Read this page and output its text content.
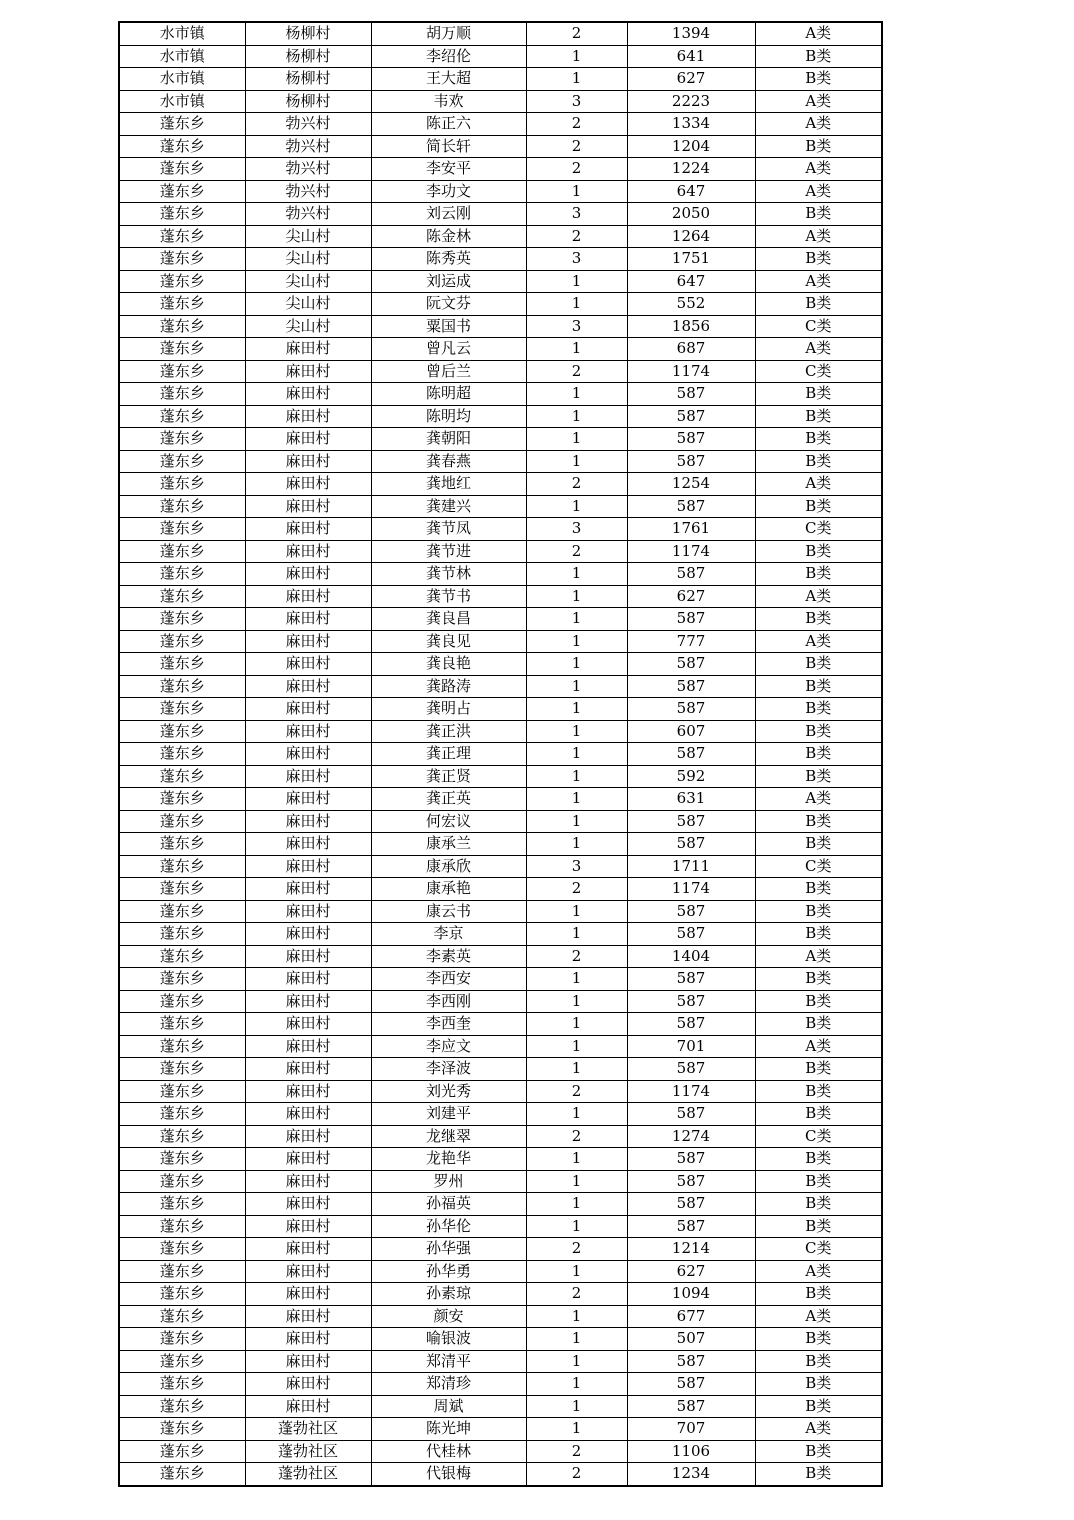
水市镇	杨柳村	胡万顺	2	1394	A类
水市镇	杨柳村	李绍伦	1	641	B类
水市镇	杨柳村	王大超	1	627	B类
水市镇	杨柳村	韦欢	3	2223	A类
蓬东乡	勃兴村	陈正六	2	1334	A类
蓬东乡	勃兴村	简长轩	2	1204	B类
蓬东乡	勃兴村	李安平	2	1224	A类
蓬东乡	勃兴村	李功文	1	647	A类
蓬东乡	勃兴村	刘云刚	3	2050	B类
蓬东乡	尖山村	陈金林	2	1264	A类
蓬东乡	尖山村	陈秀英	3	1751	B类
蓬东乡	尖山村	刘运成	1	647	A类
蓬东乡	尖山村	阮文芬	1	552	B类
蓬东乡	尖山村	粟国书	3	1856	C类
蓬东乡	麻田村	曾凡云	1	687	A类
蓬东乡	麻田村	曾后兰	2	1174	C类
蓬东乡	麻田村	陈明超	1	587	B类
蓬东乡	麻田村	陈明均	1	587	B类
蓬东乡	麻田村	龚朝阳	1	587	B类
蓬东乡	麻田村	龚春燕	1	587	B类
蓬东乡	麻田村	龚地红	2	1254	A类
蓬东乡	麻田村	龚建兴	1	587	B类
蓬东乡	麻田村	龚节凤	3	1761	C类
蓬东乡	麻田村	龚节进	2	1174	B类
蓬东乡	麻田村	龚节林	1	587	B类
蓬东乡	麻田村	龚节书	1	627	A类
蓬东乡	麻田村	龚良昌	1	587	B类
蓬东乡	麻田村	龚良见	1	777	A类
蓬东乡	麻田村	龚良艳	1	587	B类
蓬东乡	麻田村	龚路涛	1	587	B类
蓬东乡	麻田村	龚明占	1	587	B类
蓬东乡	麻田村	龚正洪	1	607	B类
蓬东乡	麻田村	龚正理	1	587	B类
蓬东乡	麻田村	龚正贤	1	592	B类
蓬东乡	麻田村	龚正英	1	631	A类
蓬东乡	麻田村	何宏议	1	587	B类
蓬东乡	麻田村	康承兰	1	587	B类
蓬东乡	麻田村	康承欣	3	1711	C类
蓬东乡	麻田村	康承艳	2	1174	B类
蓬东乡	麻田村	康云书	1	587	B类
蓬东乡	麻田村	李京	1	587	B类
蓬东乡	麻田村	李素英	2	1404	A类
蓬东乡	麻田村	李西安	1	587	B类
蓬东乡	麻田村	李西刚	1	587	B类
蓬东乡	麻田村	李西奎	1	587	B类
蓬东乡	麻田村	李应文	1	701	A类
蓬东乡	麻田村	李泽波	1	587	B类
蓬东乡	麻田村	刘光秀	2	1174	B类
蓬东乡	麻田村	刘建平	1	587	B类
蓬东乡	麻田村	龙继翠	2	1274	C类
蓬东乡	麻田村	龙艳华	1	587	B类
蓬东乡	麻田村	罗州	1	587	B类
蓬东乡	麻田村	孙福英	1	587	B类
蓬东乡	麻田村	孙华伦	1	587	B类
蓬东乡	麻田村	孙华强	2	1214	C类
蓬东乡	麻田村	孙华勇	1	627	A类
蓬东乡	麻田村	孙素琼	2	1094	B类
蓬东乡	麻田村	颜安	1	677	A类
蓬东乡	麻田村	喻银波	1	507	B类
蓬东乡	麻田村	郑清平	1	587	B类
蓬东乡	麻田村	郑清珍	1	587	B类
蓬东乡	麻田村	周斌	1	587	B类
蓬东乡	蓬勃社区	陈光坤	1	707	A类
蓬东乡	蓬勃社区	代桂林	2	1106	B类
蓬东乡	蓬勃社区	代银梅	2	1234	B类
